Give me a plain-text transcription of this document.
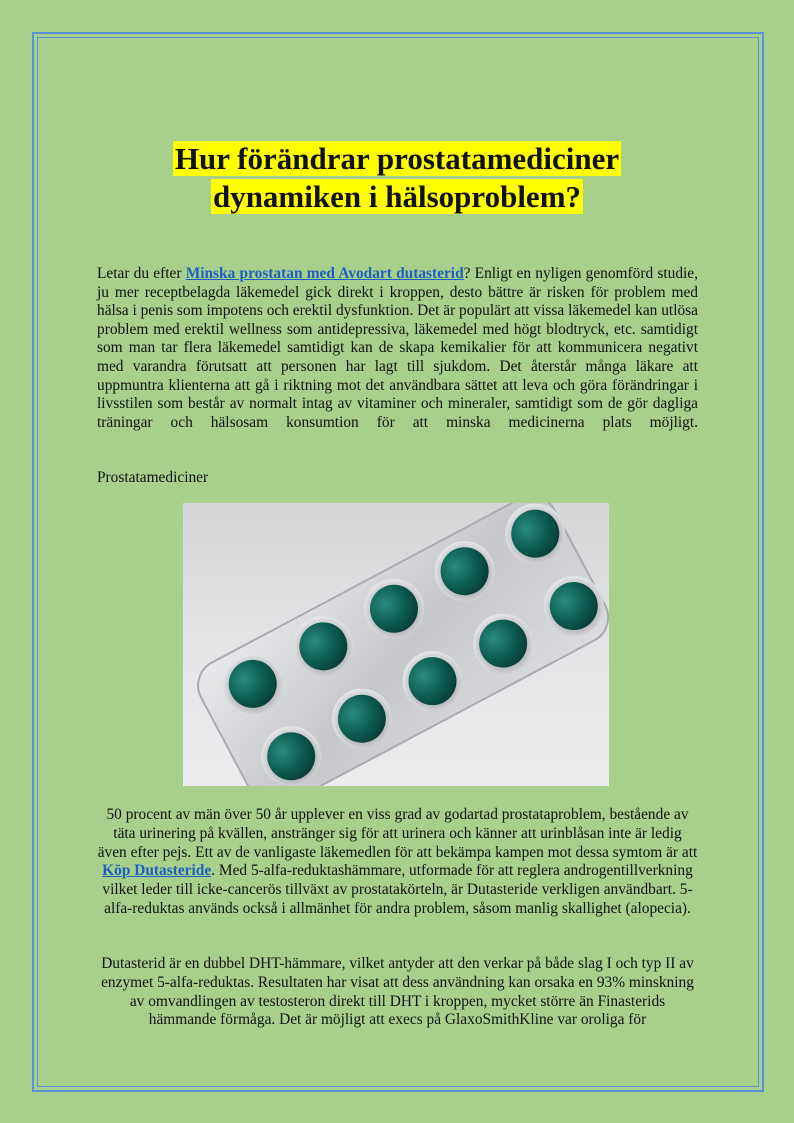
Hur förändrar prostatamediciner
dynamiken i hälsoproblem?

Letar du efter Minska prostatan med Avodart dutasterid? Enligt en nyligen genomförd studie, ju mer receptbelagda läkemedel gick direkt i kroppen, desto bättre är risken för problem med hälsa i penis som impotens och erektil dysfunktion. Det är populärt att vissa läkemedel kan utlösa problem med erektil wellness som antidepressiva, läkemedel med högt blodtryck, etc. samtidigt som man tar flera läkemedel samtidigt kan de skapa kemikalier för att kommunicera negativt med varandra förutsatt att personen har lagt till sjukdom. Det återstår många läkare att uppmuntra klienterna att gå i riktning mot det användbara sättet att leva och göra förändringar i livsstilen som består av normalt intag av vitaminer och mineraler, samtidigt som de gör dagliga träningar och hälsosam konsumtion för att minska medicinerna plats möjligt.

Prostatamediciner

50 procent av män över 50 år upplever en viss grad av godartad prostataproblem, bestående av täta urinering på kvällen, anstränger sig för att urinera och känner att urinblåsan inte är ledig även efter pejs. Ett av de vanligaste läkemedlen för att bekämpa kampen mot dessa symtom är att Köp Dutasteride. Med 5-alfa-reduktashämmare, utformade för att reglera androgentillverkning vilket leder till icke-cancerös tillväxt av prostatakörteln, är Dutasteride verkligen användbart. 5-alfa-reduktas används också i allmänhet för andra problem, såsom manlig skallighet (alopecia).

Dutasterid är en dubbel DHT-hämmare, vilket antyder att den verkar på både slag I och typ II av enzymet 5-alfa-reduktas. Resultaten har visat att dess användning kan orsaka en 93% minskning av omvandlingen av testosteron direkt till DHT i kroppen, mycket större än Finasterids hämmande förmåga. Det är möjligt att execs på GlaxoSmithKline var oroliga för
